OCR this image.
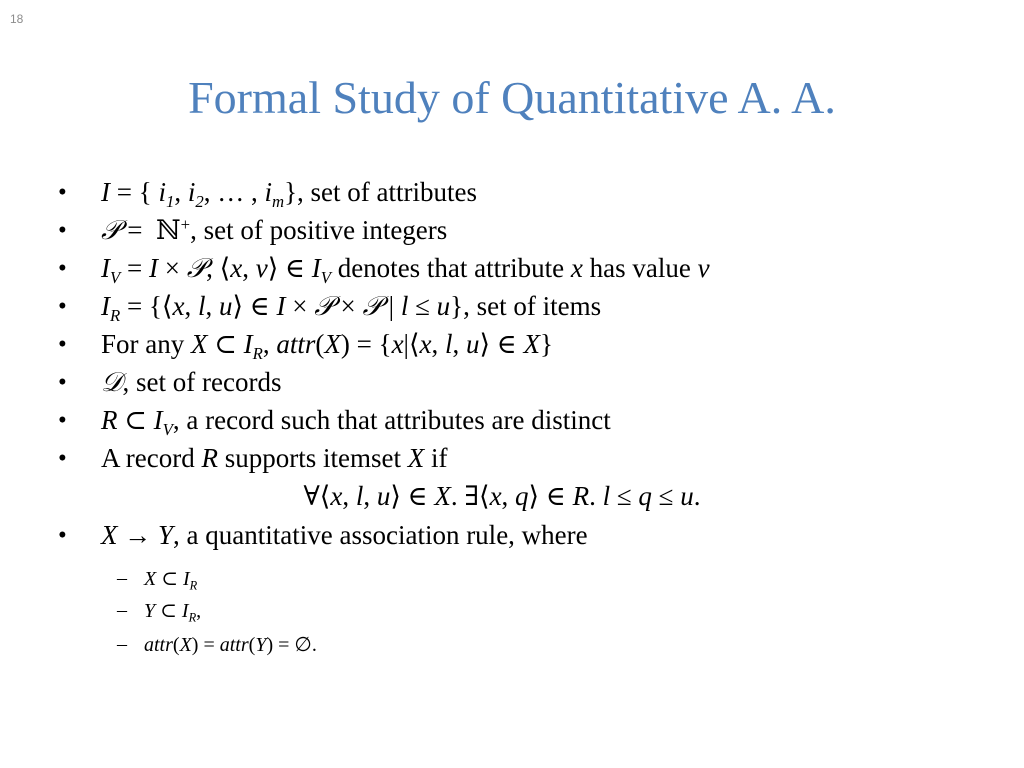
18
Formal Study of Quantitative A. A.
• I = { $i_1$, $i_2$, … , $i_m$}, set of attributes
• 𝒫 =  ℕ+, set of positive integers
• $I_V = I$ × 𝒫, ⟨x, v⟩ ∈ $I_V$ denotes that attribute x has value v
• $I_R$ = {⟨x, l, u⟩ ∈ I × 𝒫 × 𝒫 | l ≤ u}, set of items
• For any X ⊂ $I_R$, attr(X) = {x|⟨x, l, u⟩ ∈ X}
• 𝒟, set of records
• R ⊂ $I_V$, a record such that attributes are distinct
• A record R supports itemset X if
∀⟨x, l, u⟩ ∈ X. ∃⟨x, q⟩ ∈ R. l ≤ q ≤ u.
• X → Y, a quantitative association rule, where
– X ⊂ $I_R$
– Y ⊂ $I_R$,
– attr(X) = attr(Y) = ∅.
